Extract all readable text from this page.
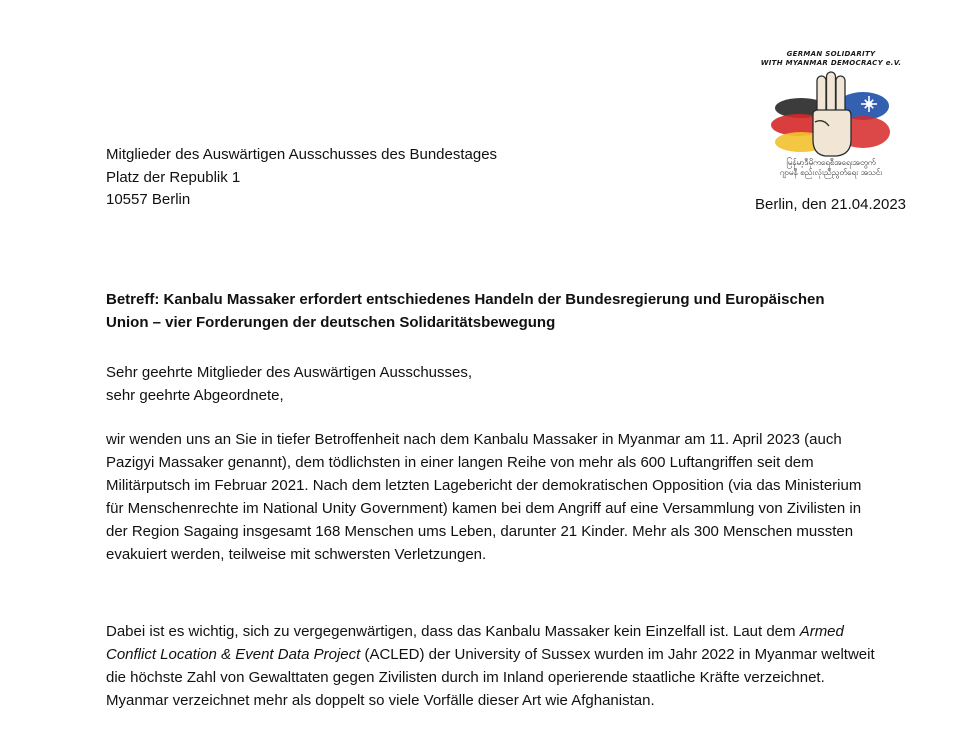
GERMAN SOLIDARITY
WITH MYANMAR DEMOCRACY e.V.
မြန်မာ့ဒီမိုကရေစီအရေးအတွက်
ဂျာမနီ စည်းလုံးညီညွတ်ရေး အသင်း
Mitglieder des Auswärtigen Ausschusses des Bundestages
Platz der Republik 1
10557 Berlin	Berlin, den 21.04.2023
Betreff: Kanbalu Massaker erfordert entschiedenes Handeln der Bundesregierung und Europäischen Union – vier Forderungen der deutschen Solidaritätsbewegung
Sehr geehrte Mitglieder des Auswärtigen Ausschusses,
sehr geehrte Abgeordnete,
wir wenden uns an Sie in tiefer Betroffenheit nach dem Kanbalu Massaker in Myanmar am 11. April 2023 (auch Pazigyi Massaker genannt), dem tödlichsten in einer langen Reihe von mehr als 600 Luftangriffen seit dem Militärputsch im Februar 2021. Nach dem letzten Lagebericht der demokratischen Opposition (via das Ministerium für Menschenrechte im National Unity Government) kamen bei dem Angriff auf eine Versammlung von Zivilisten in der Region Sagaing insgesamt 168 Menschen ums Leben, darunter 21 Kinder. Mehr als 300 Menschen mussten evakuiert werden, teilweise mit schwersten Verletzungen.
Dabei ist es wichtig, sich zu vergegenwärtigen, dass das Kanbalu Massaker kein Einzelfall ist. Laut dem Armed Conflict Location & Event Data Project (ACLED) der University of Sussex wurden im Jahr 2022 in Myanmar weltweit die höchste Zahl von Gewalttaten gegen Zivilisten durch im Inland operierende staatliche Kräfte verzeichnet. Myanmar verzeichnet mehr als doppelt so viele Vorfälle dieser Art wie Afghanistan.
